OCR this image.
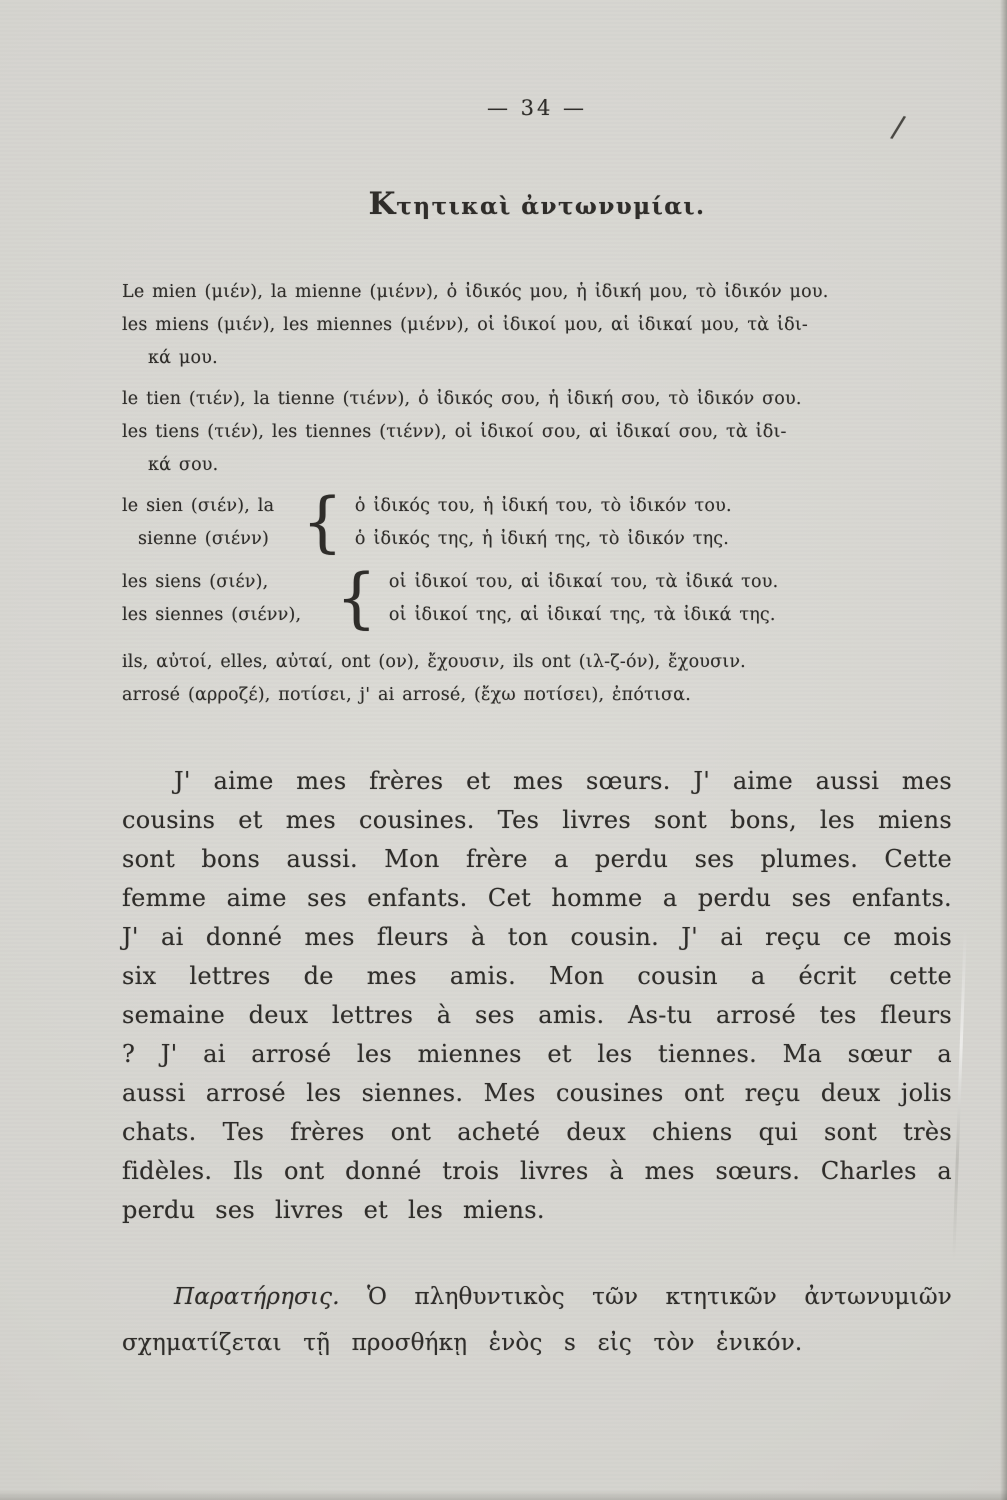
/
— 34 —
Κτητικαὶ ἀντωνυμίαι.
Le mien (μιέν), la mienne (μιένν), ὁ ἰδικός μου, ἡ ἰδική μου, τὸ ἰδικόν μου.
les miens (μιέν), les miennes (μιένν), οἱ ἰδικοί μου, αἱ ἰδικαί μου, τὰ ἰδι-
κά μου.
le tien (τιέν), la tienne (τιένν), ὁ ἰδικός σου, ἡ ἰδική σου, τὸ ἰδικόν σου.
les tiens (τιέν), les tiennes (τιένν), οἱ ἰδικοί σου, αἱ ἰδικαί σου, τὰ ἰδι-
κά σου.
le sien (σιέν), la
sienne (σιένν) { ὁ ἰδικός του, ἡ ἰδική του, τὸ ἰδικόν του.
ὁ ἰδικός της, ἡ ἰδική της, τὸ ἰδικόν της.
les siens (σιέν),
les siennes (σιένν), { οἱ ἰδικοί του, αἱ ἰδικαί του, τὰ ἰδικά του.
οἱ ἰδικοί της, αἱ ἰδικαί της, τὰ ἰδικά της.
ils, αὐτοί, elles, αὐταί, ont (ον), ἔχουσιν, ils ont (ιλ-ζ-όν), ἔχουσιν.
arrosé (αρροζέ), ποτίσει, j' ai arrosé, (ἔχω ποτίσει), ἐπότισα.

J' aime mes frères et mes sœurs. J' aime aussi mes cousins et mes cousines. Tes livres sont bons, les miens sont bons aussi. Mon frère a perdu ses plumes. Cette femme aime ses enfants. Cet homme a perdu ses enfants. J' ai donné mes fleurs à ton cousin. J' ai reçu ce mois six lettres de mes amis. Mon cousin a écrit cette semaine deux lettres à ses amis. As-tu arrosé tes fleurs ? J' ai arrosé les miennes et les tiennes. Ma sœur a aussi arrosé les siennes. Mes cousines ont reçu deux jolis chats. Tes frères ont acheté deux chiens qui sont très fidèles. Ils ont donné trois livres à mes sœurs. Charles a perdu ses livres et les miens.

Παρατήρησις. Ὁ πληθυντικὸς τῶν κτητικῶν ἀντωνυμιῶν σχηματίζεται τῇ προσθήκῃ ἑνὸς s εἰς τὸν ἑνικόν.
